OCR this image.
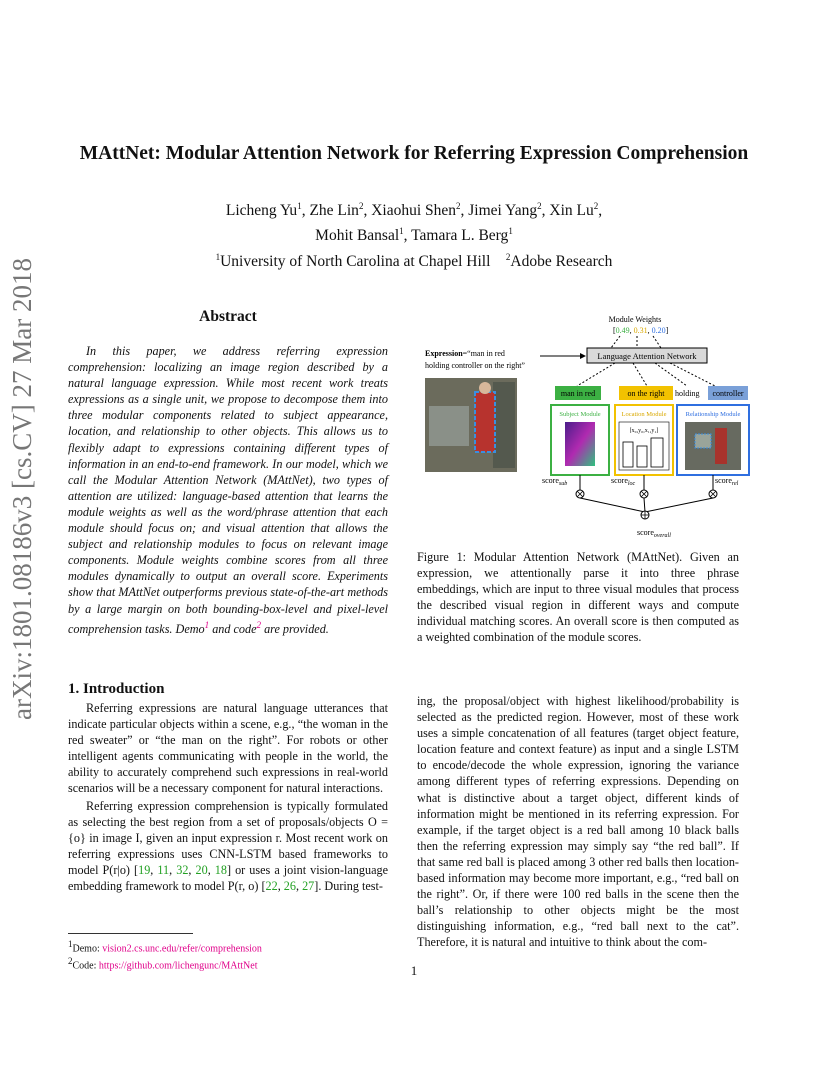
arXiv:1801.08186v3 [cs.CV] 27 Mar 2018
MAttNet: Modular Attention Network for Referring Expression Comprehension
Licheng Yu$^1$, Zhe Lin$^2$, Xiaohui Shen$^2$, Jimei Yang$^2$, Xin Lu$^2$,
Mohit Bansal$^1$, Tamara L. Berg$^1$
$^1$University of North Carolina at Chapel Hill $^2$Adobe Research
Abstract

In this paper, we address referring expression comprehension: localizing an image region described by a natural language expression. While most recent work treats expressions as a single unit, we propose to decompose them into three modular components related to subject appearance, location, and relationship to other objects. This allows us to flexibly adapt to expressions containing different types of information in an end-to-end framework. In our model, which we call the Modular Attention Network (MAttNet), two types of attention are utilized: language-based attention that learns the module weights as well as the word/phrase attention that each module should focus on; and visual attention that allows the subject and relationship modules to focus on relevant image components. Module weights combine scores from all three modules dynamically to output an overall score. Experiments show that MAttNet outperforms previous state-of-the-art methods by a large margin on both bounding-box-level and pixel-level comprehension tasks. Demo$^1$ and code$^2$ are provided.

Module Weights
[0.49, 0.31, 0.20]
Language Attention Network
Expression=“man in red
holding controller on the right”
man in red	on the right holding controller
Subject Module	Location Module
[x₀,y₀,x₁,y₁]
Relationship Module
score$_{sub}$	score$_{loc}$	score$_{rel}$
score$_{overall}$
Figure 1: Modular Attention Network (MAttNet). Given an expression, we attentionally parse it into three phrase embeddings, which are input to three visual modules that process the described visual region in different ways and compute individual matching scores. An overall score is then computed as a weighted combination of the module scores.
1. Introduction

Referring expressions are natural language utterances that indicate particular objects within a scene, e.g., “the woman in the red sweater” or “the man on the right”. For robots or other intelligent agents communicating with people in the world, the ability to accurately comprehend such expressions in real-world scenarios will be a necessary component for natural interactions.

Referring expression comprehension is typically formulated as selecting the best region from a set of proposals/objects O = {o} in image I, given an input expression r. Most recent work on referring expressions uses CNN-LSTM based frameworks to model P(r|o) [19, 11, 32, 20, 18] or uses a joint vision-language embedding framework to model P(r, o) [22, 26, 27]. During test-

$^1$Demo: vision2.cs.unc.edu/refer/comprehension
$^2$Code: https://github.com/lichengunc/MAttNet
ing, the proposal/object with highest likelihood/probability is selected as the predicted region. However, most of these work uses a simple concatenation of all features (target object feature, location feature and context feature) as input and a single LSTM to encode/decode the whole expression, ignoring the variance among different types of referring expressions. Depending on what is distinctive about a target object, different kinds of information might be mentioned in its referring expression. For example, if the target object is a red ball among 10 black balls then the referring expression may simply say “the red ball”. If that same red ball is placed among 3 other red balls then location-based information may become more important, e.g., “red ball on the right”. Or, if there were 100 red balls in the scene then the ball’s relationship to other objects might be the most distinguishing information, e.g., “red ball next to the cat”. Therefore, it is natural and intuitive to think about the com-
1
